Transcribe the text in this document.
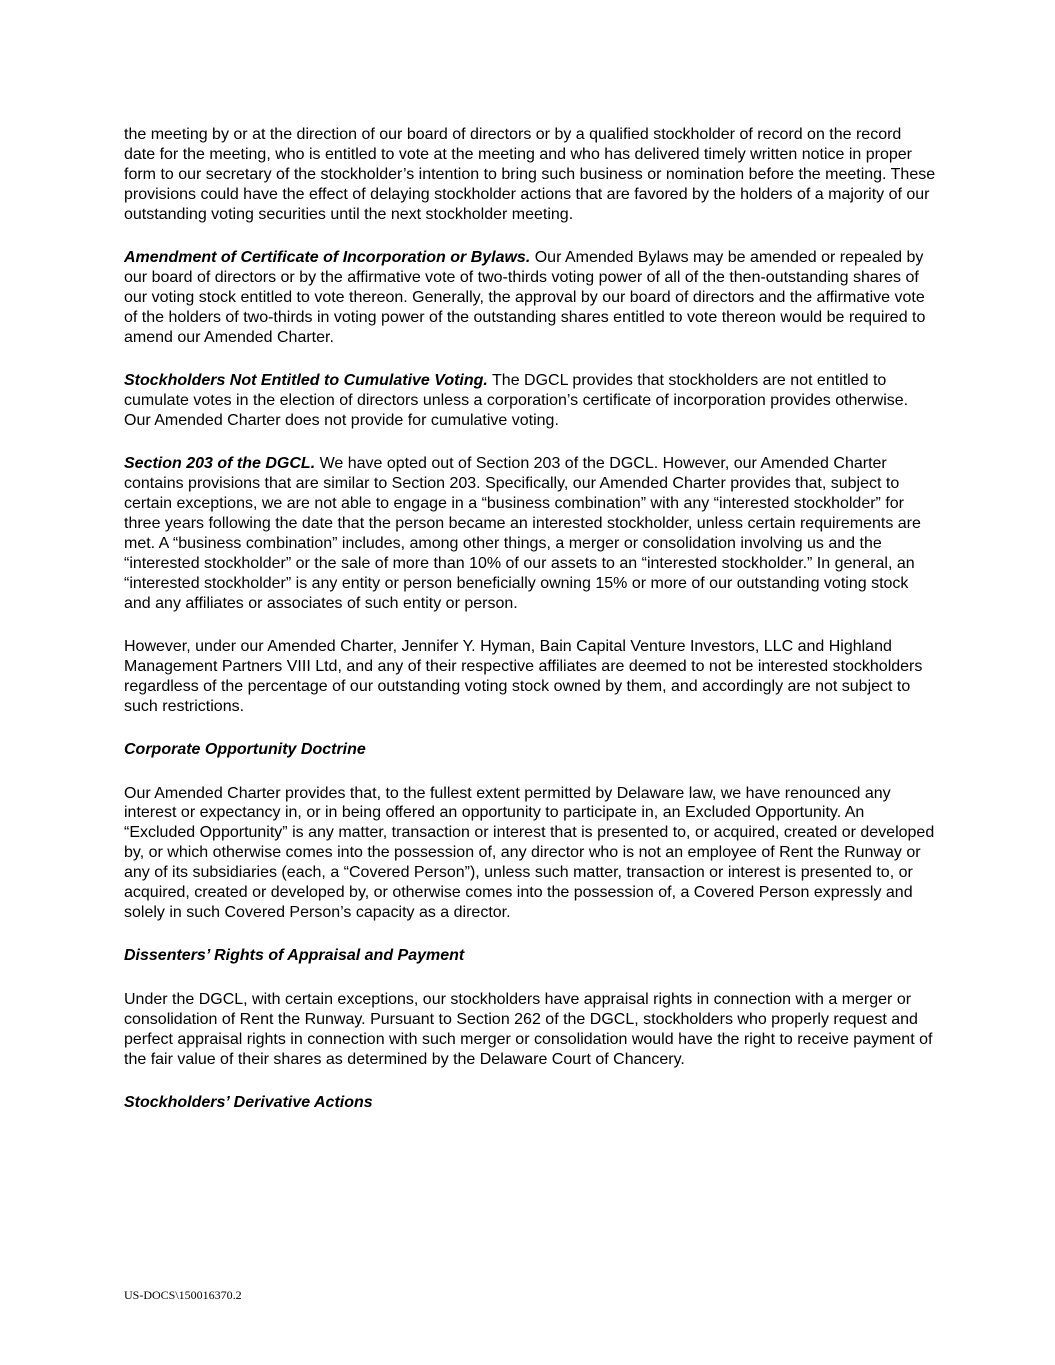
the meeting by or at the direction of our board of directors or by a qualified stockholder of record on the record date for the meeting, who is entitled to vote at the meeting and who has delivered timely written notice in proper form to our secretary of the stockholder’s intention to bring such business or nomination before the meeting. These provisions could have the effect of delaying stockholder actions that are favored by the holders of a majority of our outstanding voting securities until the next stockholder meeting.

Amendment of Certificate of Incorporation or Bylaws. Our Amended Bylaws may be amended or repealed by our board of directors or by the affirmative vote of two-thirds voting power of all of the then-outstanding shares of our voting stock entitled to vote thereon. Generally, the approval by our board of directors and the affirmative vote of the holders of two-thirds in voting power of the outstanding shares entitled to vote thereon would be required to amend our Amended Charter.

Stockholders Not Entitled to Cumulative Voting. The DGCL provides that stockholders are not entitled to cumulate votes in the election of directors unless a corporation’s certificate of incorporation provides otherwise. Our Amended Charter does not provide for cumulative voting.

Section 203 of the DGCL. We have opted out of Section 203 of the DGCL. However, our Amended Charter contains provisions that are similar to Section 203. Specifically, our Amended Charter provides that, subject to certain exceptions, we are not able to engage in a “business combination” with any “interested stockholder” for three years following the date that the person became an interested stockholder, unless certain requirements are met. A “business combination” includes, among other things, a merger or consolidation involving us and the “interested stockholder” or the sale of more than 10% of our assets to an “interested stockholder.” In general, an “interested stockholder” is any entity or person beneficially owning 15% or more of our outstanding voting stock and any affiliates or associates of such entity or person.

However, under our Amended Charter, Jennifer Y. Hyman, Bain Capital Venture Investors, LLC and Highland Management Partners VIII Ltd, and any of their respective affiliates are deemed to not be interested stockholders regardless of the percentage of our outstanding voting stock owned by them, and accordingly are not subject to such restrictions.

Corporate Opportunity Doctrine

Our Amended Charter provides that, to the fullest extent permitted by Delaware law, we have renounced any interest or expectancy in, or in being offered an opportunity to participate in, an Excluded Opportunity. An “Excluded Opportunity” is any matter, transaction or interest that is presented to, or acquired, created or developed by, or which otherwise comes into the possession of, any director who is not an employee of Rent the Runway or any of its subsidiaries (each, a “Covered Person”), unless such matter, transaction or interest is presented to, or acquired, created or developed by, or otherwise comes into the possession of, a Covered Person expressly and solely in such Covered Person’s capacity as a director.

Dissenters’ Rights of Appraisal and Payment

Under the DGCL, with certain exceptions, our stockholders have appraisal rights in connection with a merger or consolidation of Rent the Runway. Pursuant to Section 262 of the DGCL, stockholders who properly request and perfect appraisal rights in connection with such merger or consolidation would have the right to receive payment of the fair value of their shares as determined by the Delaware Court of Chancery.

Stockholders’ Derivative Actions

US-DOCS\150016370.2
